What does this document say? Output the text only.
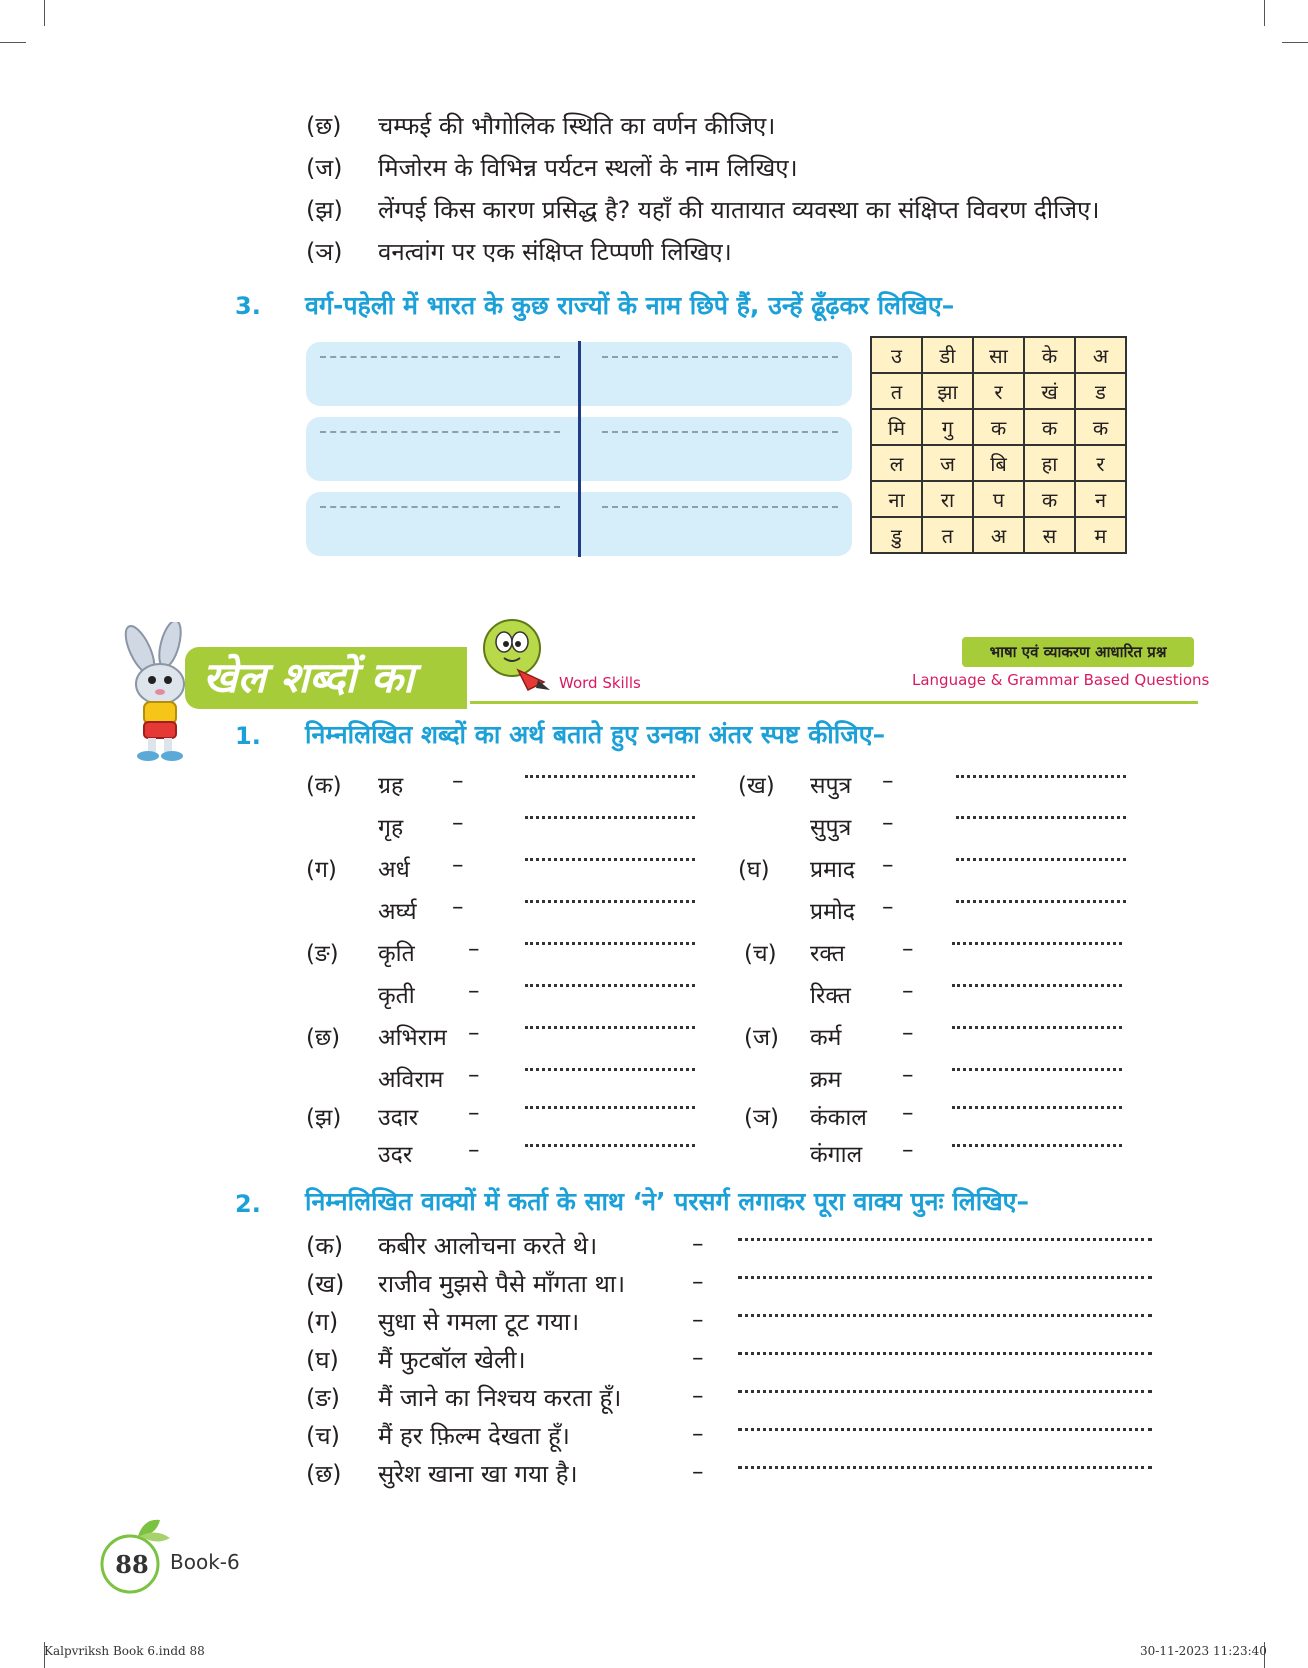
(छ) चम्फई की भौगोलिक स्थिति का वर्णन कीजिए।
(ज) मिजोरम के विभिन्न पर्यटन स्थलों के नाम लिखिए।
(झ) लेंग्पई किस कारण प्रसिद्ध है? यहाँ की यातायात व्यवस्था का संक्षिप्त विवरण दीजिए।
(ञ) वनत्वांग पर एक संक्षिप्त टिप्पणी लिखिए।
3. वर्ग-पहेली में भारत के कुछ राज्यों के नाम छिपे हैं, उन्हें ढूँढ़कर लिखिए–
उ	डी	सा	के	अ
त	झा	र	खं	ड
मि	गु	क	क	क
ल	ज	बि	हा	र
ना	रा	प	क	न
डु	त	अ	स	म
खेल शब्दों का	Word Skills
भाषा एवं व्याकरण आधारित प्रश्न
Language & Grammar Based Questions
1. निम्नलिखित शब्दों का अर्थ बताते हुए उनका अंतर स्पष्ट कीजिए–
(क) ग्रह –
गृह –
(ग) अर्ध –
अर्घ्य –
(ङ) कृति –
कृती –
(छ) अभिराम –
अविराम –
(झ) उदार –
उदर –
(ख) सपुत्र –
सुपुत्र –
(घ) प्रमाद –
प्रमोद –
(च) रक्त –
रिक्त –
(ज) कर्म	–
क्रम	–
(ञ) कंकाल –
कंगाल –
2. निम्नलिखित वाक्यों में कर्ता के साथ ‘ने’ परसर्ग लगाकर पूरा वाक्य पुनः लिखिए–
(क) कबीर आलोचना करते थे।	–
(ख) राजीव मुझसे पैसे माँगता था।	–
(ग) सुधा से गमला टूट गया।	–
(घ) मैं फुटबॉल खेली।	–
(ङ) मैं जाने का निश्चय करता हूँ।	–
(च) मैं हर फ़िल्म देखता हूँ।	–
(छ) सुरेश खाना खा गया है।	–
88	Book-6
Kalpvriksh Book 6.indd 88	30-11-2023 11:23:40
